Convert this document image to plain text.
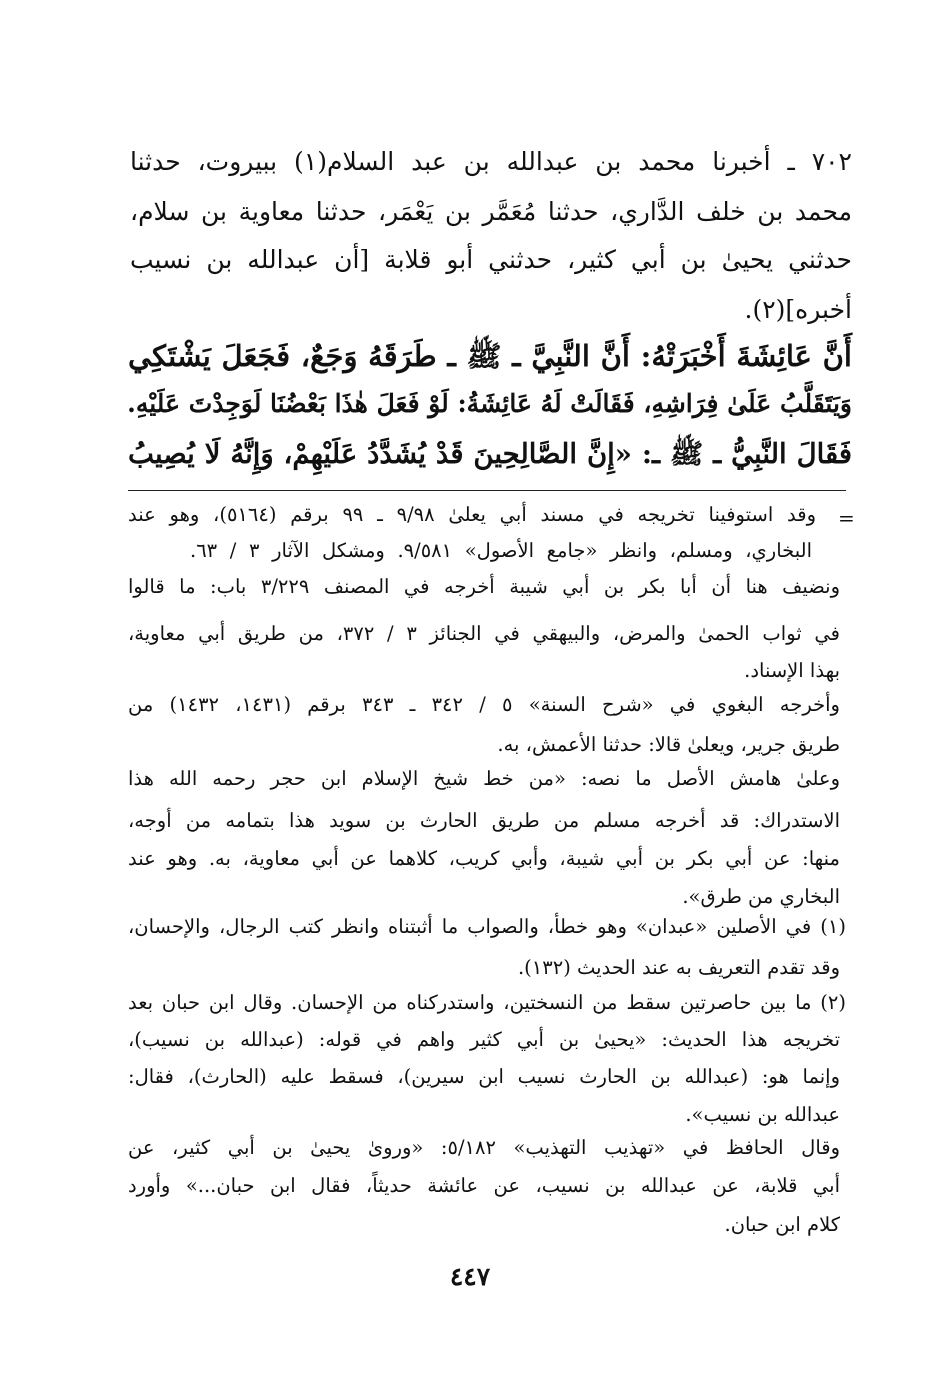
٧٠٢ ـ أخبرنا محمد بن عبدالله بن عبد السلام(١) ببيروت، حدثنا
محمد بن خلف الدَّاري، حدثنا مُعَمَّر بن يَعْمَر، حدثنا معاوية بن سلام،
حدثني يحيىٰ بن أبي كثير، حدثني أبو قلابة [أن عبدالله بن نسيب
أخبره](٢).
أَنَّ عَائِشَةَ أَخْبَرَتْهُ: أَنَّ النَّبِيَّ ـ ﷺ ـ طَرَقَهُ وَجَعٌ، فَجَعَلَ يَشْتَكِي
وَيَتَقَلَّبُ عَلَىٰ فِرَاشِهِ، فَقَالَتْ لَهُ عَائِشَةُ: لَوْ فَعَلَ هٰذَا بَعْضُنَا لَوَجِدْتَ عَلَيْهِ.
فَقَالَ النَّبِيُّ ـ ﷺ ـ: «إِنَّ الصَّالِحِينَ قَدْ يُشَدَّدُ عَلَيْهِمْ، وَإِنَّهُ لَا يُصِيبُ
=
وقد استوفينا تخريجه في مسند أبي يعلىٰ ٩/٩٨ ـ ٩٩ برقم (٥١٦٤)، وهو عند
البخاري، ومسلم، وانظر «جامع الأصول» ٩/٥٨١. ومشكل الآثار ٣ / ٦٣.
ونضيف هنا أن أبا بكر بن أبي شيبة أخرجه في المصنف ٣/٢٢٩ باب: ما قالوا
في ثواب الحمىٰ والمرض، والبيهقي في الجنائز ٣ / ٣٧٢، من طريق أبي معاوية،
بهذا الإسناد.
وأخرجه البغوي في «شرح السنة» ٥ / ٣٤٢ ـ ٣٤٣ برقم (١٤٣١، ١٤٣٢) من
طريق جرير، ويعلىٰ قالا: حدثنا الأعمش، به.
وعلىٰ هامش الأصل ما نصه: «من خط شيخ الإسلام ابن حجر رحمه الله هذا
الاستدراك: قد أخرجه مسلم من طريق الحارث بن سويد هذا بتمامه من أوجه،
منها: عن أبي بكر بن أبي شيبة، وأبي كريب، كلاهما عن أبي معاوية، به. وهو عند
البخاري من طرق».
(١) في الأصلين «عبدان» وهو خطأ، والصواب ما أثبتناه وانظر كتب الرجال، والإحسان،
وقد تقدم التعريف به عند الحديث (١٣٢).
(٢) ما بين حاصرتين سقط من النسختين، واستدركناه من الإحسان. وقال ابن حبان بعد
تخريجه هذا الحديث: «يحيىٰ بن أبي كثير واهم في قوله: (عبدالله بن نسيب)،
وإنما هو: (عبدالله بن الحارث نسيب ابن سيرين)، فسقط عليه (الحارث)، فقال:
عبدالله بن نسيب».
وقال الحافظ في «تهذيب التهذيب» ٥/١٨٢: «وروىٰ يحيىٰ بن أبي كثير، عن
أبي قلابة، عن عبدالله بن نسيب، عن عائشة حديثاً، فقال ابن حبان...» وأورد
كلام ابن حبان.
٤٤٧
